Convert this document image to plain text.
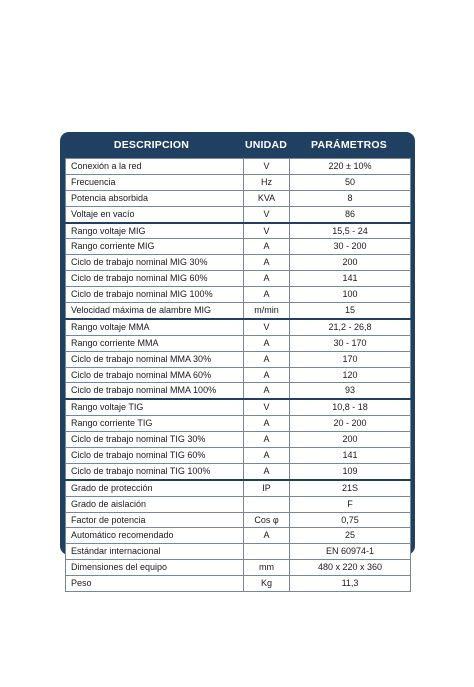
DESCRIPCION	UNIDAD	PARÁMETROS
Conexión a la red	V	220 ± 10%
Frecuencia	Hz	50
Potencia absorbida	KVA	8
Voltaje en vacío	V	86
Rango voltaje MIG	V	15,5 - 24
Rango corriente MIG	A	30 - 200
Ciclo de trabajo nominal MIG 30%	A	200
Ciclo de trabajo nominal MIG 60%	A	141
Ciclo de trabajo nominal MIG 100%	A	100
Velocidad máxima de alambre MIG	m/min	15
Rango voltaje MMA	V	21,2 - 26,8
Rango corriente MMA	A	30 - 170
Ciclo de trabajo nominal MMA 30%	A	170
Ciclo de trabajo nominal MMA 60%	A	120
Ciclo de trabajo nominal MMA 100%	A	93
Rango voltaje TIG	V	10,8 - 18
Rango corriente TIG	A	20 - 200
Ciclo de trabajo nominal TIG 30%	A	200
Ciclo de trabajo nominal TIG 60%	A	141
Ciclo de trabajo nominal TIG 100%	A	109
Grado de protección	IP	21S
Grado de aislación		F
Factor de potencia	Cos φ	0,75
Automático recomendado	A	25
Estándar internacional		EN 60974-1
Dimensiones del equipo	mm	480 x 220 x 360
Peso	Kg	11,3
